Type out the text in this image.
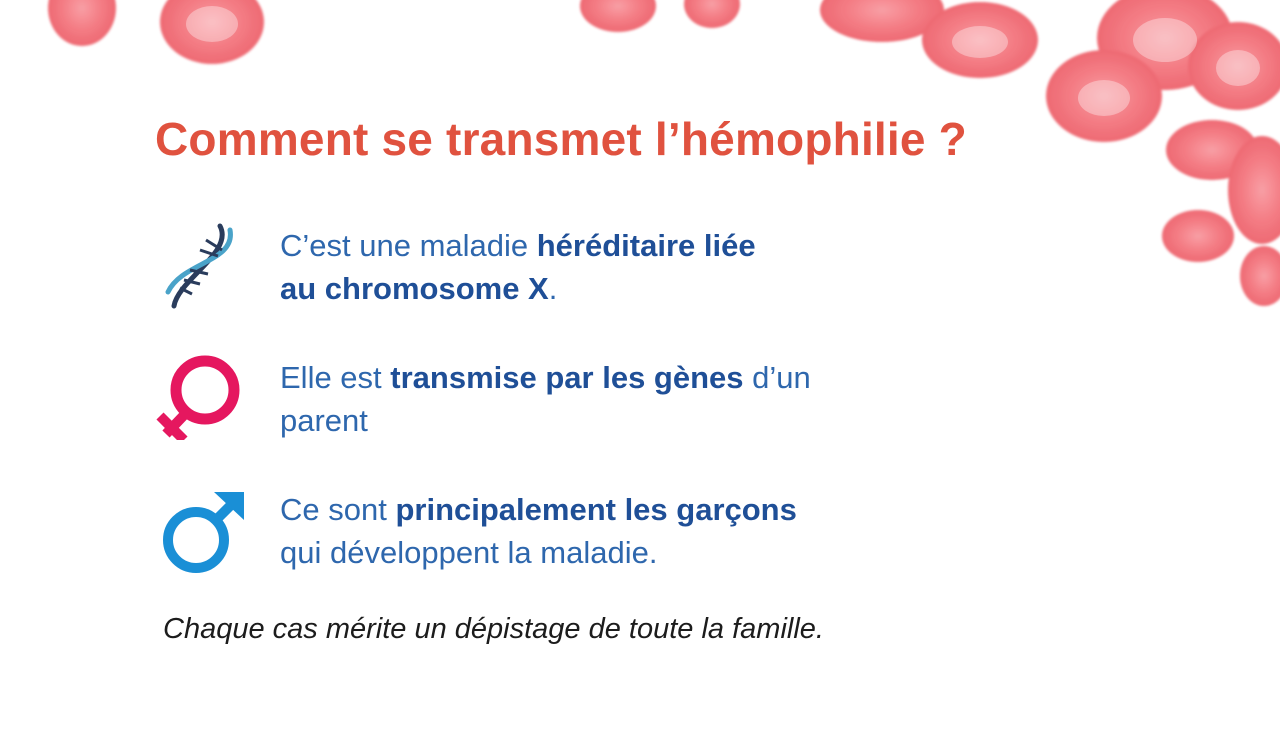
Comment se transmet l’hémophilie ?
C’est une maladie héréditaire liée
au chromosome X.
Elle est transmise par les gènes d’un
parent
Ce sont principalement les garçons
qui développent la maladie.
Chaque cas mérite un dépistage de toute la famille.
